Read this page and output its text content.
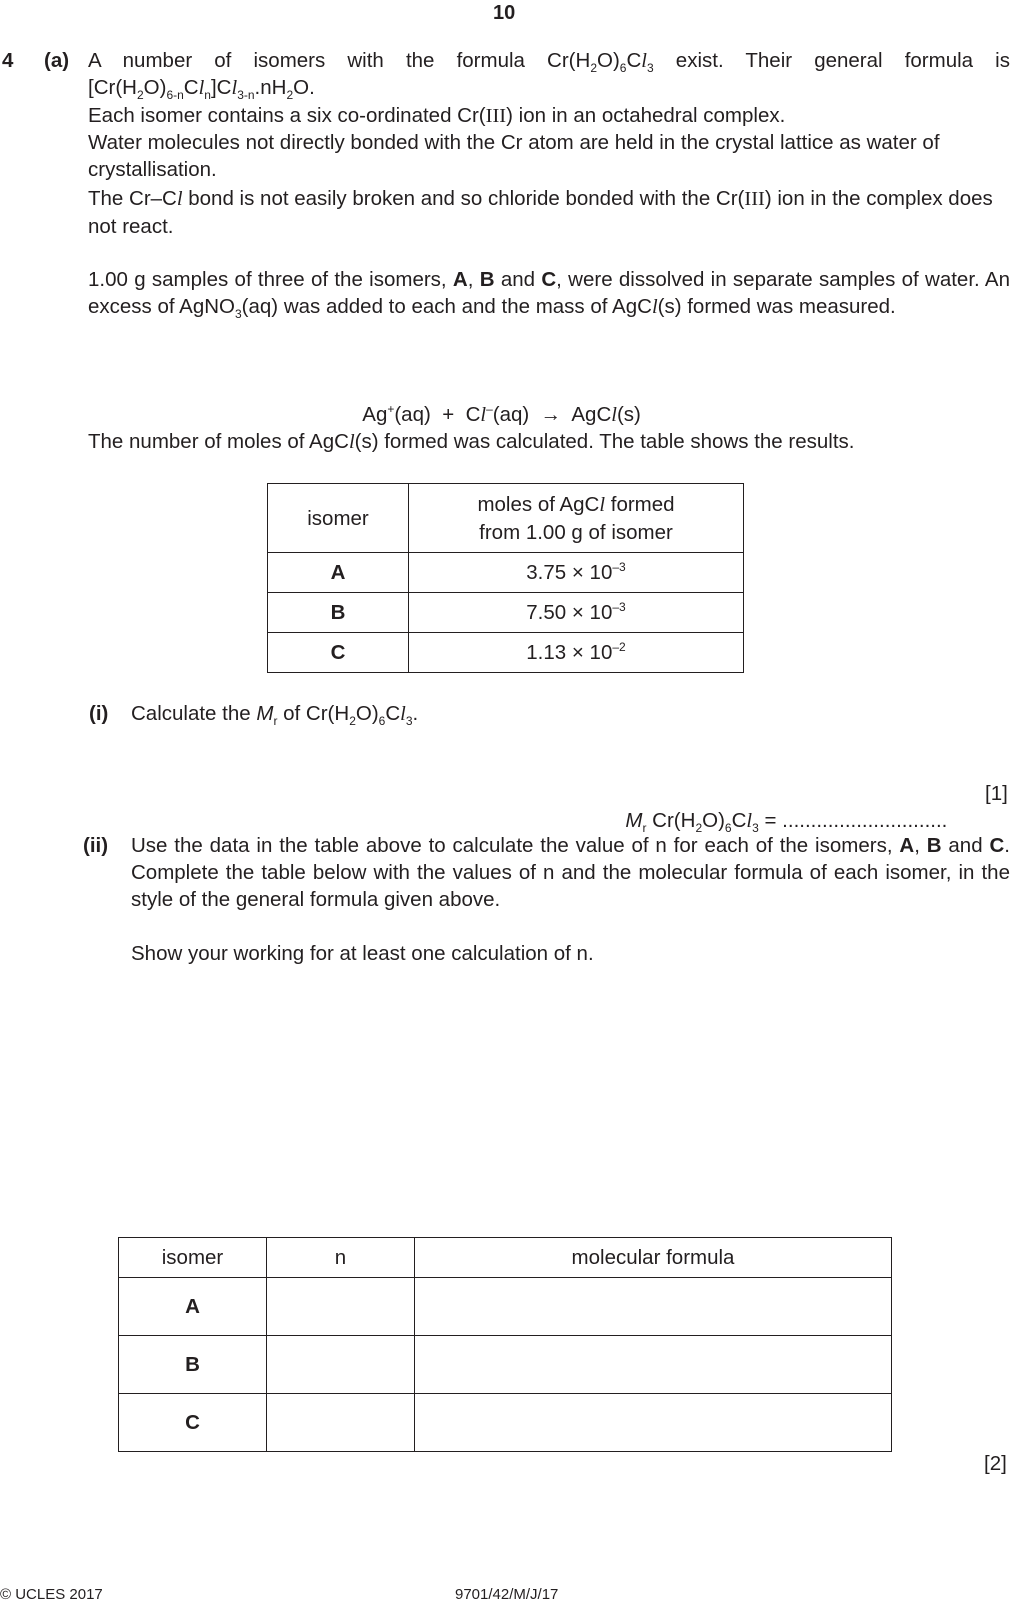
10
4 (a) A number of isomers with the formula $Cr(H_2O)_6Cl_3$ exist. Their general formula is
$[Cr(H_2O)_{6-n}Cl_n]Cl_{3-n}.nH_2O$.
Each isomer contains a six co-ordinated Cr(III) ion in an octahedral complex.
Water molecules not directly bonded with the Cr atom are held in the crystal lattice as water of crystallisation.
The Cr–Cl bond is not easily broken and so chloride bonded with the Cr(III) ion in the complex does not react.
1.00 g samples of three of the isomers, A, B and C, were dissolved in separate samples of water. An excess of AgNO$_3$(aq) was added to each and the mass of AgCl(s) formed was measured.

Ag+(aq)  +  Cl–(aq)  →  AgCl(s)

The number of moles of AgCl(s) formed was calculated. The table shows the results.
isomer	moles of AgCl formed
from 1.00 g of isomer
A	$3.75 \times 10^{-3}$
B	$7.50 \times 10^{-3}$
C	$1.13 \times 10^{-2}$
(i) Calculate the $M_r$ of $Cr(H_2O)_6Cl_3$.

$M_r$ $Cr(H_2O)_6Cl_3$ = .............................

[1]
(ii) Use the data in the table above to calculate the value of n for each of the isomers, A, B and C. Complete the table below with the values of n and the molecular formula of each isomer, in the style of the general formula given above.
Show your working for at least one calculation of n.
isomer	n	molecular formula
A		
B		
C		
[2]
© UCLES 2017	9701/42/M/J/17
